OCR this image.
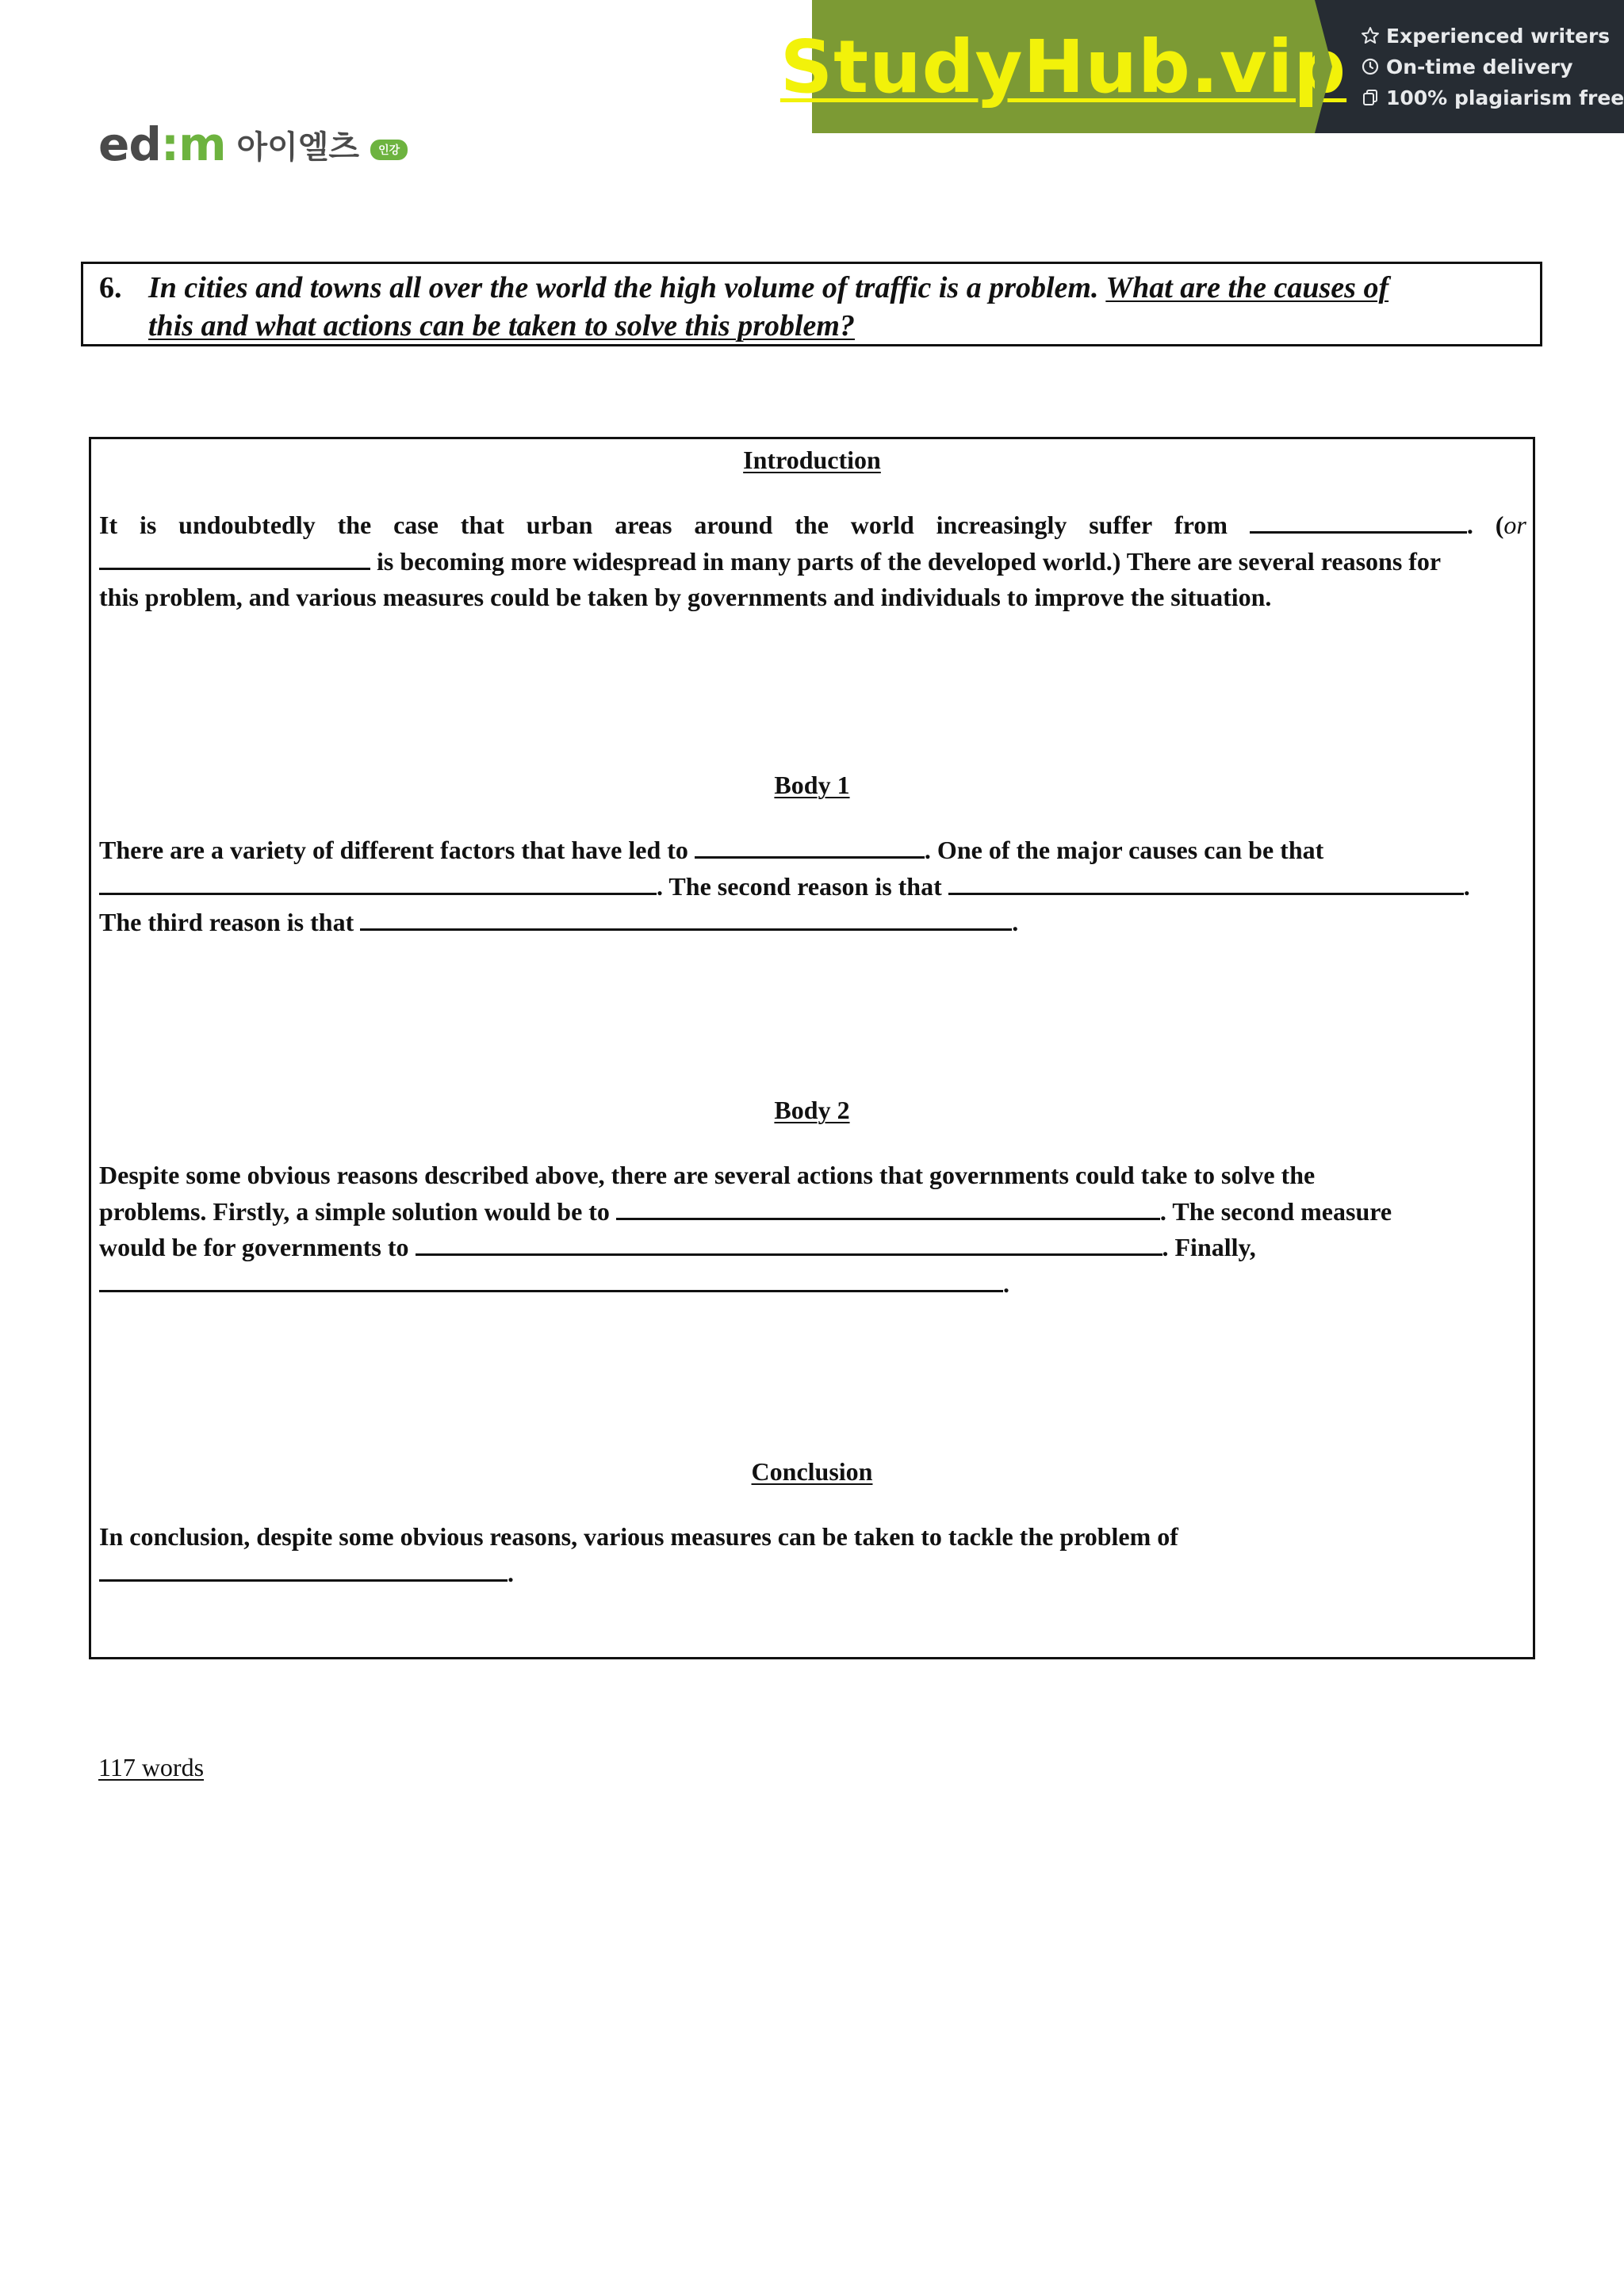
StudyHub.vip Experienced writers
On-time delivery
100% plagiarism free
ed:m 아이엘츠	인강
6. In cities and towns all over the world the high volume of traffic is a problem. What are the causes of
this and what actions can be taken to solve this problem?
Introduction
It is undoubtedly the case that urban areas around the world increasingly suffer from	. (or
is becoming more widespread in many parts of the developed world.) There are several reasons for
this problem, and various measures could be taken by governments and individuals to improve the situation.
Body 1
There are a variety of different factors that have led to	. One of the major causes can be that
. The second reason is that	.
The third reason is that	.
Body 2
Despite some obvious reasons described above, there are several actions that governments could take to solve the
problems. Firstly, a simple solution would be to	. The second measure
would be for governments to	. Finally,
.
Conclusion
In conclusion, despite some obvious reasons, various measures can be taken to tackle the problem of
.
117 words
